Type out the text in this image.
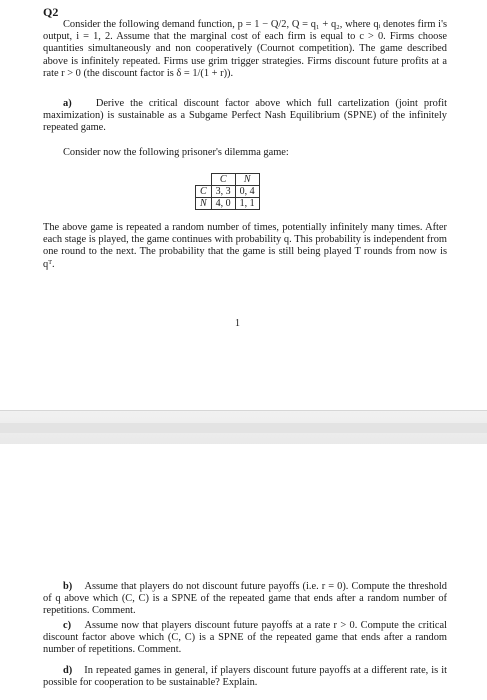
Q2
Consider the following demand function, p = 1 − Q/2, Q = q₁ + q₂, where qᵢ denotes firm i's output, i = 1, 2. Assume that the marginal cost of each firm is equal to c > 0. Firms choose quantities simultaneously and non cooperatively (Cournot competition). The game described above is infinitely repeated. Firms use grim trigger strategies. Firms discount future profits at a rate r > 0 (the discount factor is δ = 1/(1 + r)).
a) Derive the critical discount factor above which full cartelization (joint profit maximization) is sustainable as a Subgame Perfect Nash Equilibrium (SPNE) of the infinitely repeated game.
Consider now the following prisoner's dilemma game:
	C	N
C	3, 3	0, 4
N	4, 0	1, 1
The above game is repeated a random number of times, potentially infinitely many times. After each stage is played, the game continues with probability q. This probability is independent from one round to the next. The probability that the game is still being played T rounds from now is qᵀ.
1
b) Assume that players do not discount future payoffs (i.e. r = 0). Compute the threshold of q above which (C, C) is a SPNE of the repeated game that ends after a random number of repetitions. Comment.
c) Assume now that players discount future payoffs at a rate r > 0. Compute the critical discount factor above which (C, C) is a SPNE of the repeated game that ends after a random number of repetitions. Comment.
d) In repeated games in general, if players discount future payoffs at a different rate, is it possible for cooperation to be sustainable? Explain.
